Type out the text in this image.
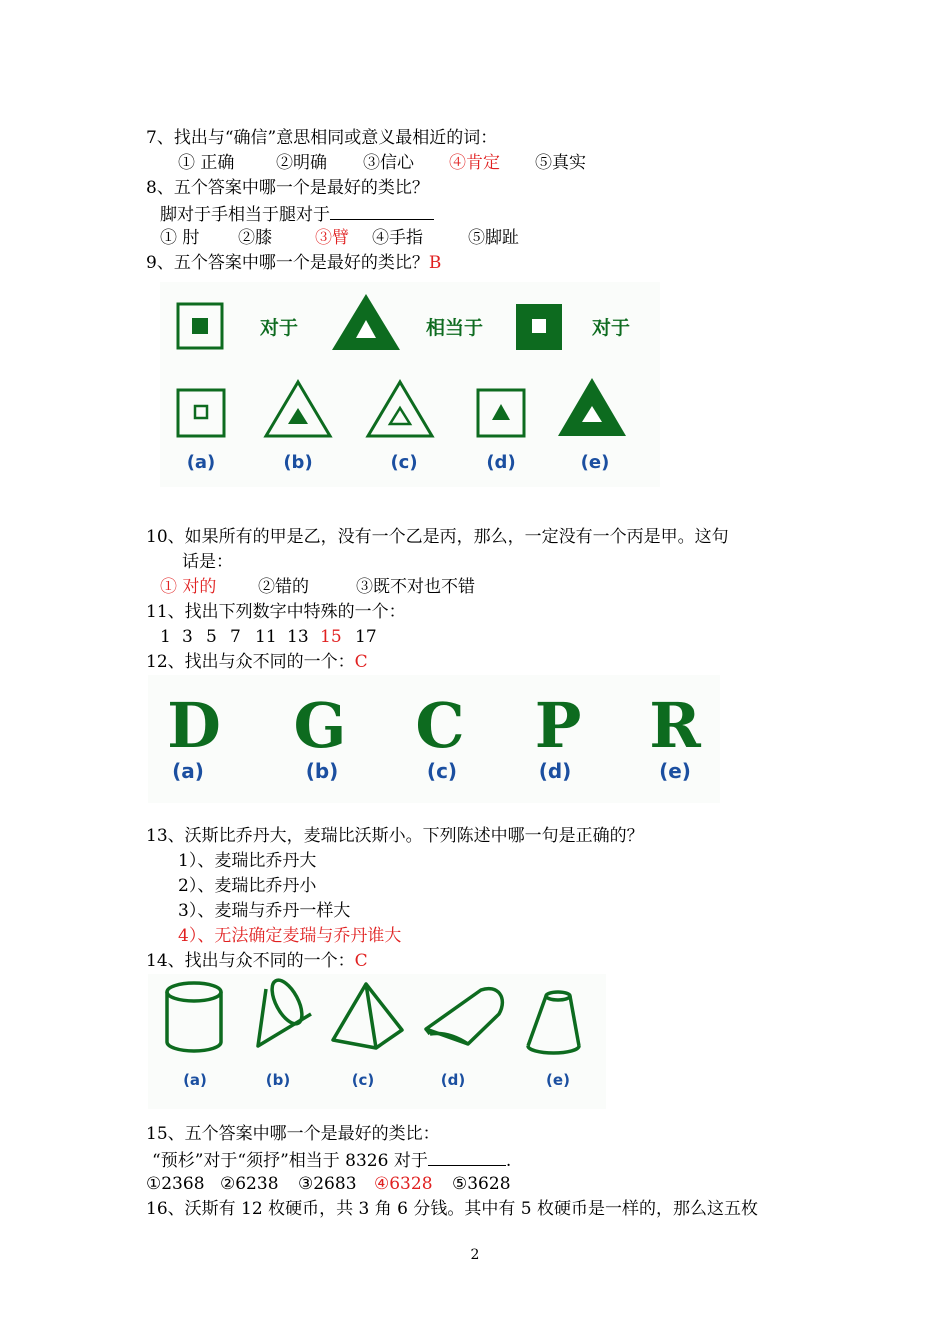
7、找出与“确信”意思相同或意义最相近的词：
① 正确 ②明确 ③信心 ④肯定 ⑤真实
8、五个答案中哪一个是最好的类比？
脚对于手相当于腿对于
① 肘 ②膝	③臂 ④手指	⑤脚趾
9、五个答案中哪一个是最好的类比？B
对于	相当于	对于
(a)	(b)	(c)	(d)	(e)
10、如果所有的甲是乙，没有一个乙是丙，那么，一定没有一个丙是甲。这句
话是：
① 对的 ②错的	③既不对也不错
11、找出下列数字中特殊的一个：
1 3 5 7 11 13 15 17
12、找出与众不同的一个：C
D G C P R
(a)	(b)	(c)	(d)	(e)
13、沃斯比乔丹大，麦瑞比沃斯小。下列陈述中哪一句是正确的？
1）、麦瑞比乔丹大
2）、麦瑞比乔丹小
3）、麦瑞与乔丹一样大
4）、无法确定麦瑞与乔丹谁大
14、找出与众不同的一个：C
(a)	(b)	(c)	(d)	(e)
15、五个答案中哪一个是最好的类比：
“预杉”对于“须抒”相当于 8326 对于	.
①2368 ②6238 ③2683 ④6328 ⑤3628
16、沃斯有 12 枚硬币，共 3 角 6 分钱。其中有 5 枚硬币是一样的，那么这五枚
2
